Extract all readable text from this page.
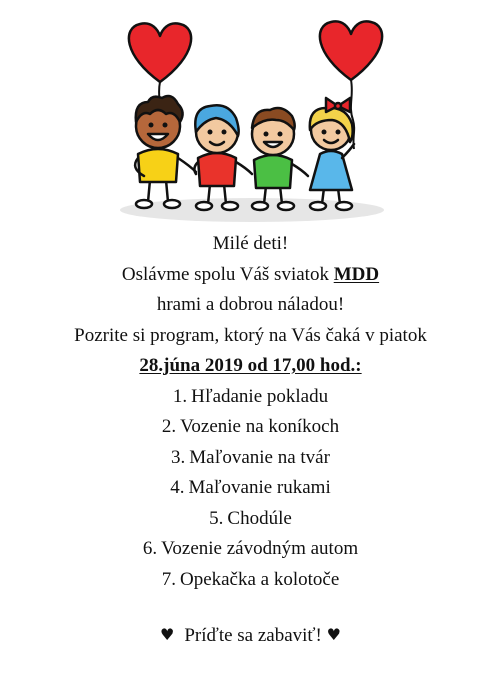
Milé deti!
Oslávme spolu Váš sviatok MDD
hrami a dobrou náladou!
Pozrite si program, ktorý na Vás čaká v piatok
28.júna 2019 od 17,00 hod.:
1. Hľadanie pokladu
2. Vozenie na koníkoch
3. Maľovanie na tvár
4. Maľovanie rukami
5. Chodúle
6. Vozenie závodným autom
7. Opekačka a kolotoče
♥ Príďte sa zabaviť! ♥
